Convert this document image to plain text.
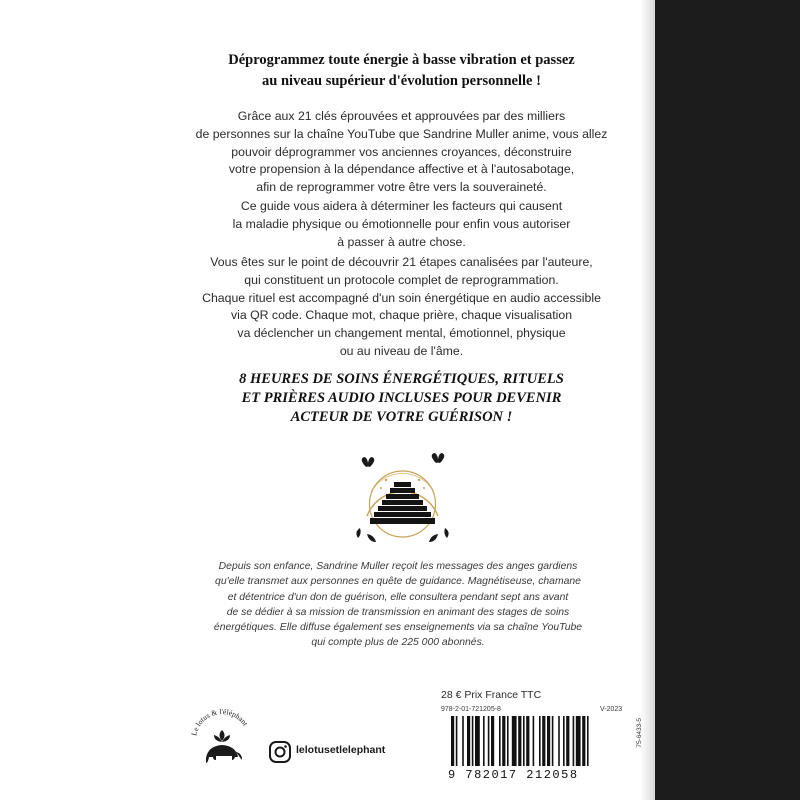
Déprogrammez toute énergie à basse vibration et passez
au niveau supérieur d'évolution personnelle !
Grâce aux 21 clés éprouvées et approuvées par des milliers
de personnes sur la chaîne YouTube que Sandrine Muller anime, vous allez
pouvoir déprogrammer vos anciennes croyances, déconstruire
votre propension à la dépendance affective et à l'autosabotage,
afin de reprogrammer votre être vers la souveraineté.
Ce guide vous aidera à déterminer les facteurs qui causent
la maladie physique ou émotionnelle pour enfin vous autoriser
à passer à autre chose.
Vous êtes sur le point de découvrir 21 étapes canalisées par l'auteure,
qui constituent un protocole complet de reprogrammation.
Chaque rituel est accompagné d'un soin énergétique en audio accessible
via QR code. Chaque mot, chaque prière, chaque visualisation
va déclencher un changement mental, émotionnel, physique
ou au niveau de l'âme.
8 HEURES DE SOINS ÉNERGÉTIQUES, RITUELS
ET PRIÈRES AUDIO INCLUSES POUR DEVENIR
ACTEUR DE VOTRE GUÉRISON !
Depuis son enfance, Sandrine Muller reçoit les messages des anges gardiens
qu'elle transmet aux personnes en quête de guidance. Magnétiseuse, chamane
et détentrice d'un don de guérison, elle consultera pendant sept ans avant
de se dédier à sa mission de transmission en animant des stages de soins
énergétiques. Elle diffuse également ses enseignements via sa chaîne YouTube
qui compte plus de 225 000 abonnés.
Le lotus & l'éléphant
lelotusetlelephant
28 € Prix France TTC
978-2-01-721205-8	V-2023
9 782017 212058
75-6433-5
